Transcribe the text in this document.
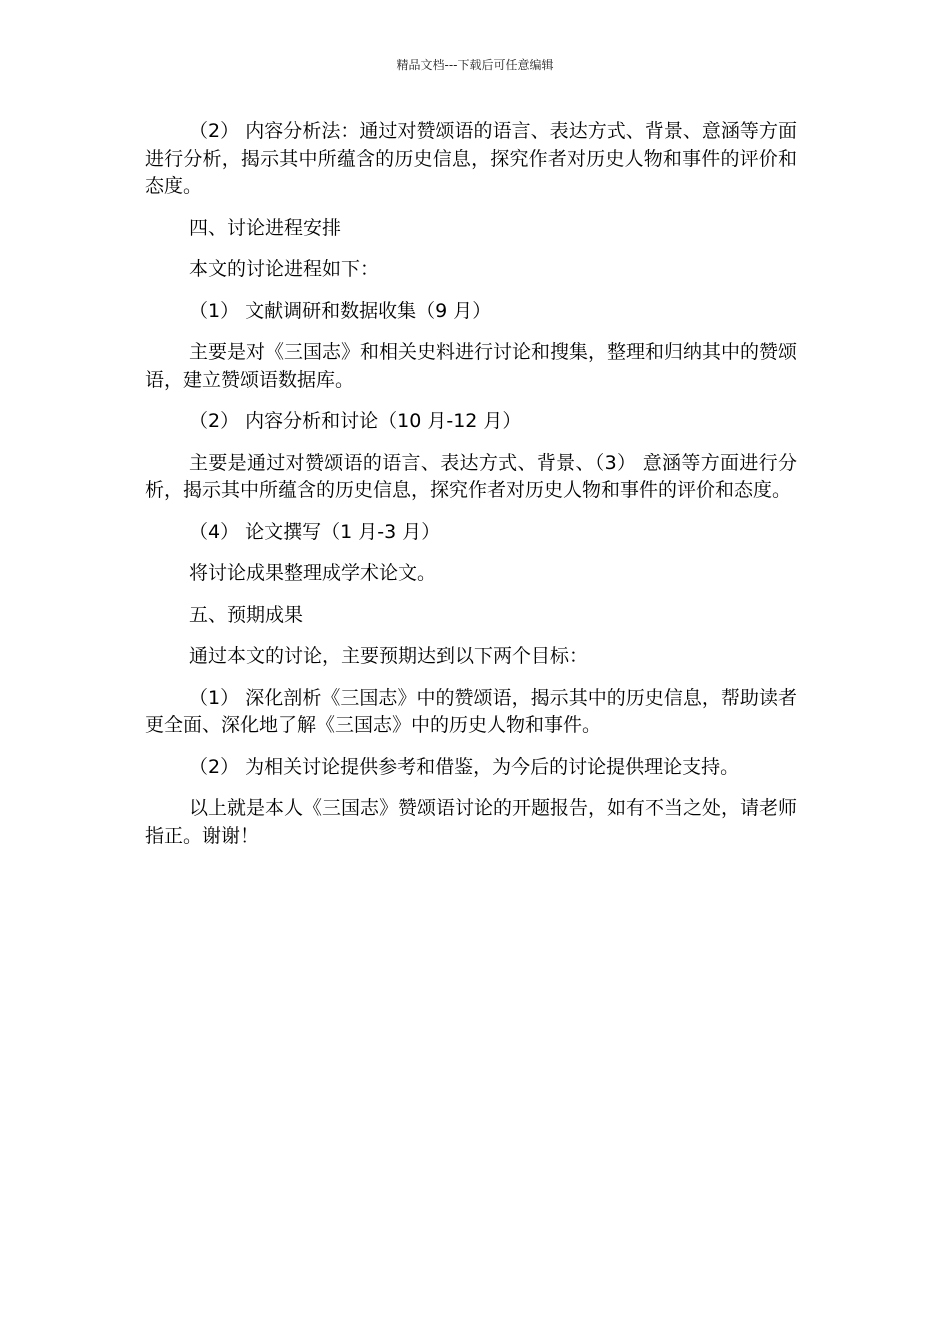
精品文档---下载后可任意编辑

（2） 内容分析法：通过对赞颂语的语言、表达方式、背景、意涵等方面进行分析，揭示其中所蕴含的历史信息，探究作者对历史人物和事件的评价和态度。

四、讨论进程安排

本文的讨论进程如下：

（1） 文献调研和数据收集（9 月）

主要是对《三国志》和相关史料进行讨论和搜集，整理和归纳其中的赞颂语，建立赞颂语数据库。

（2） 内容分析和讨论（10 月-12 月）

主要是通过对赞颂语的语言、表达方式、背景、（3） 意涵等方面进行分析，揭示其中所蕴含的历史信息，探究作者对历史人物和事件的评价和态度。

（4） 论文撰写（1 月-3 月）

将讨论成果整理成学术论文。

五、预期成果

通过本文的讨论，主要预期达到以下两个目标：

（1） 深化剖析《三国志》中的赞颂语，揭示其中的历史信息，帮助读者更全面、深化地了解《三国志》中的历史人物和事件。

（2） 为相关讨论提供参考和借鉴，为今后的讨论提供理论支持。

以上就是本人《三国志》赞颂语讨论的开题报告，如有不当之处，请老师指正。谢谢！
